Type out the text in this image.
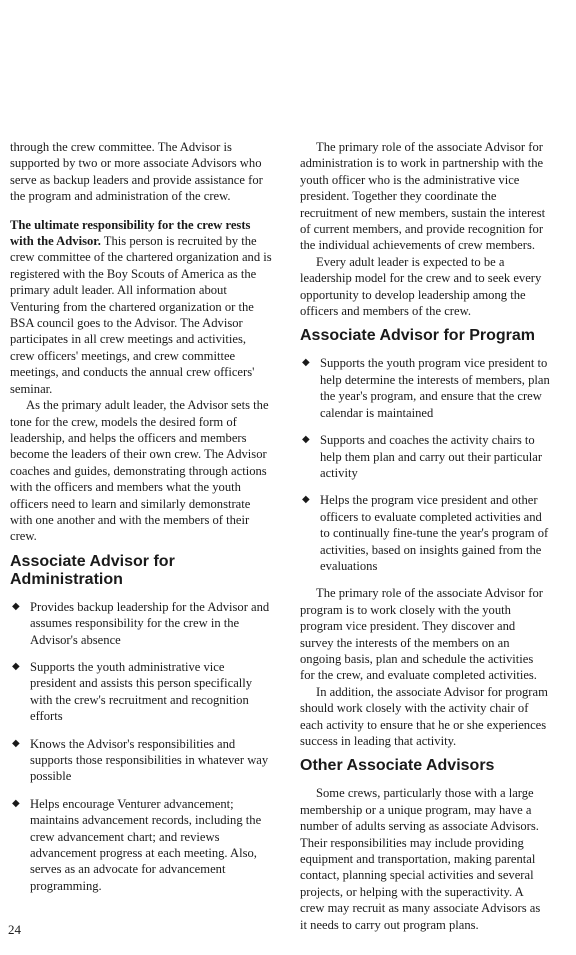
through the crew committee. The Advisor is supported by two or more associate Advisors who serve as backup leaders and provide assistance for the program and administration of the crew.

The ultimate responsibility for the crew rests with the Advisor. This person is recruited by the crew committee of the chartered organization and is registered with the Boy Scouts of America as the primary adult leader. All information about Venturing from the chartered organization or the BSA council goes to the Advisor. The Advisor participates in all crew meetings and activities, crew officers' meetings, and crew committee meetings, and conducts the annual crew officers' seminar.

As the primary adult leader, the Advisor sets the tone for the crew, models the desired form of leadership, and helps the officers and members become the leaders of their own crew. The Advisor coaches and guides, demonstrating through actions with the officers and members what the youth officers need to learn and similarly demonstrate with one another and with the members of their crew.

Associate Advisor for Administration
◆ Provides backup leadership for the Advisor and assumes responsibility for the crew in the Advisor's absence
◆ Supports the youth administrative vice president and assists this person specifically with the crew's recruitment and recognition efforts
◆ Knows the Advisor's responsibilities and supports those responsibilities in whatever way possible
◆ Helps encourage Venturer advancement; maintains advancement records, including the crew advancement chart; and reviews advancement progress at each meeting. Also, serves as an advocate for advancement programming.

The primary role of the associate Advisor for administration is to work in partnership with the youth officer who is the administrative vice president. Together they coordinate the recruitment of new members, sustain the interest of current members, and provide recognition for the individual achievements of crew members.

Every adult leader is expected to be a leadership model for the crew and to seek every opportunity to develop leadership among the officers and members of the crew.

Associate Advisor for Program
◆ Supports the youth program vice president to help determine the interests of members, plan the year's program, and ensure that the crew calendar is maintained
◆ Supports and coaches the activity chairs to help them plan and carry out their particular activity
◆ Helps the program vice president and other officers to evaluate completed activities and to continually fine-tune the year's program of activities, based on insights gained from the evaluations

The primary role of the associate Advisor for program is to work closely with the youth program vice president. They discover and survey the interests of the members on an ongoing basis, plan and schedule the activities for the crew, and evaluate completed activities.

In addition, the associate Advisor for program should work closely with the activity chair of each activity to ensure that he or she experiences success in leading that activity.

Other Associate Advisors

Some crews, particularly those with a large membership or a unique program, may have a number of adults serving as associate Advisors. Their responsibilities may include providing equipment and transportation, making parental contact, planning special activities and several projects, or helping with the superactivity. A crew may recruit as many associate Advisors as it needs to carry out program plans.

24
